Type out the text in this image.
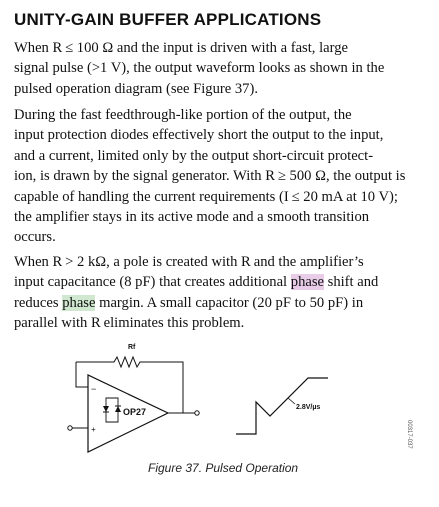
UNITY-GAIN BUFFER APPLICATIONS
When R ≤ 100 Ω and the input is driven with a fast, large
signal pulse (>1 V), the output waveform looks as shown in the
pulsed operation diagram (see Figure 37).
During the fast feedthrough-like portion of the output, the
input protection diodes effectively short the output to the input,
and a current, limited only by the output short-circuit protect-
ion, is drawn by the signal generator. With R ≥ 500 Ω, the output is
capable of handling the current requirements (I ≤ 20 mA at 10 V);
the amplifier stays in its active mode and a smooth transition
occurs.
When R > 2 kΩ, a pole is created with R and the amplifier’s
input capacitance (8 pF) that creates additional phase shift and
reduces phase margin. A small capacitor (20 pF to 50 pF) in
parallel with R eliminates this problem.
Rf
−
+
OP27	2.8V/µs
00317-037
Figure 37. Pulsed Operation
